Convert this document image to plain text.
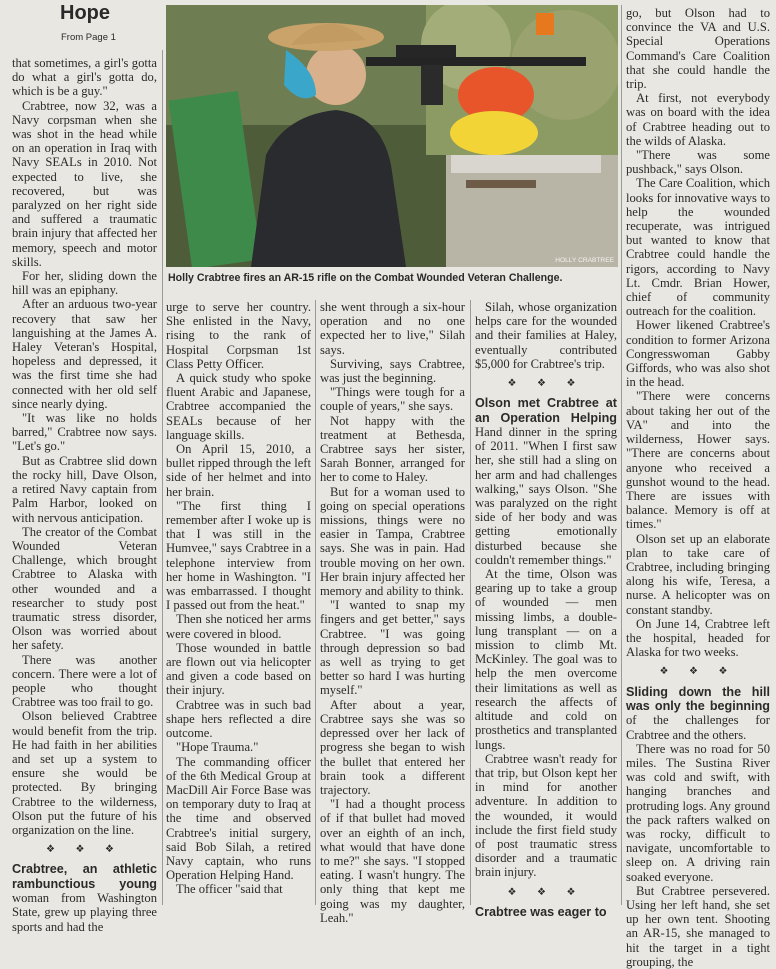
Hope
From Page 1
HOLLY CRABTREE
Holly Crabtree fires an AR-15 rifle on the Combat Wounded Veteran Challenge.

that sometimes, a girl's gotta do what a girl's gotta do, which is be a guy."

Crabtree, now 32, was a Navy corpsman when she was shot in the head while on an operation in Iraq with Navy SEALs in 2010. Not expected to live, she recovered, but was paralyzed on her right side and suffered a traumatic brain injury that affected her memory, speech and motor skills.

For her, sliding down the hill was an epiphany.

After an arduous two-year recovery that saw her languishing at the James A. Haley Veteran's Hospital, hopeless and depressed, it was the first time she had connected with her old self since nearly dying.

"It was like no holds barred," Crabtree now says. "Let's go."

But as Crabtree slid down the rocky hill, Dave Olson, a retired Navy captain from Palm Harbor, looked on with nervous anticipation.

The creator of the Combat Wounded Veteran Challenge, which brought Crabtree to Alaska with other wounded and a researcher to study post traumatic stress disorder, Olson was worried about her safety.

There was another concern. There were a lot of people who thought Crabtree was too frail to go.

Olson believed Crabtree would benefit from the trip. He had faith in her abilities and set up a system to ensure she would be protected. By bringing Crabtree to the wilderness, Olson put the future of his organization on the line.

❖ ❖ ❖

Crabtree, an athletic rambunctious young woman from Washington State, grew up playing three sports and had the

urge to serve her country. She enlisted in the Navy, rising to the rank of Hospital Corpsman 1st Class Petty Officer.

A quick study who spoke fluent Arabic and Japanese, Crabtree accompanied the SEALs because of her language skills.

On April 15, 2010, a bullet ripped through the left side of her helmet and into her brain.

"The first thing I remember after I woke up is that I was still in the Humvee," says Crabtree in a telephone interview from her home in Washington. "I was embarrassed. I thought I passed out from the heat."

Then she noticed her arms were covered in blood.

Those wounded in battle are flown out via helicopter and given a code based on their injury.

Crabtree was in such bad shape hers reflected a dire outcome.

"Hope Trauma."

The commanding officer of the 6th Medical Group at MacDill Air Force Base was on temporary duty to Iraq at the time and observed Crabtree's initial surgery, said Bob Silah, a retired Navy captain, who runs Operation Helping Hand.

The officer "said that

she went through a six-hour operation and no one expected her to live," Silah says.

Surviving, says Crabtree, was just the beginning.

"Things were tough for a couple of years," she says.

Not happy with the treatment at Bethesda, Crabtree says her sister, Sarah Bonner, arranged for her to come to Haley.

But for a woman used to going on special operations missions, things were no easier in Tampa, Crabtree says. She was in pain. Had trouble moving on her own. Her brain injury affected her memory and ability to think.

"I wanted to snap my fingers and get better," says Crabtree. "I was going through depression so bad as well as trying to get better so hard I was hurting myself."

After about a year, Crabtree says she was so depressed over her lack of progress she began to wish the bullet that entered her brain took a different trajectory.

"I had a thought process of if that bullet had moved over an eighth of an inch, what would that have done to me?" she says. "I stopped eating. I wasn't hungry. The only thing that kept me going was my daughter, Leah."

Silah, whose organization helps care for the wounded and their families at Haley, eventually contributed $5,000 for Crabtree's trip.

❖ ❖ ❖

Olson met Crabtree at an Operation Helping Hand dinner in the spring of 2011. "When I first saw her, she still had a sling on her arm and had challenges walking," says Olson. "She was paralyzed on the right side of her body and was getting emotionally disturbed because she couldn't remember things."

At the time, Olson was gearing up to take a group of wounded — men missing limbs, a double-lung transplant — on a mission to climb Mt. McKinley. The goal was to help the men overcome their limitations as well as research the affects of altitude and cold on prosthetics and transplanted lungs.

Crabtree wasn't ready for that trip, but Olson kept her in mind for another adventure. In addition to the wounded, it would include the first field study of post traumatic stress disorder and a traumatic brain injury.

❖ ❖ ❖

Crabtree was eager to

go, but Olson had to convince the VA and U.S. Special Operations Command's Care Coalition that she could handle the trip.

At first, not everybody was on board with the idea of Crabtree heading out to the wilds of Alaska.

"There was some pushback," says Olson.

The Care Coalition, which looks for innovative ways to help the wounded recuperate, was intrigued but wanted to know that Crabtree could handle the rigors, according to Navy Lt. Cmdr. Brian Hower, chief of community outreach for the coalition.

Hower likened Crabtree's condition to former Arizona Congresswoman Gabby Giffords, who was also shot in the head.

"There were concerns about taking her out of the VA" and into the wilderness, Hower says. "There are concerns about anyone who received a gunshot wound to the head. There are issues with balance. Memory is off at times."

Olson set up an elaborate plan to take care of Crabtree, including bringing along his wife, Teresa, a nurse. A helicopter was on constant standby.

On June 14, Crabtree left the hospital, headed for Alaska for two weeks.

❖ ❖ ❖

Sliding down the hill was only the beginning of the challenges for Crabtree and the others.

There was no road for 50 miles. The Sustina River was cold and swift, with hanging branches and protruding logs. Any ground the pack rafters walked on was rocky, difficult to navigate, uncomfortable to sleep on. A driving rain soaked everyone.

But Crabtree persevered. Using her left hand, she set up her own tent. Shooting an AR-15, she managed to hit the target in a tight grouping, the
